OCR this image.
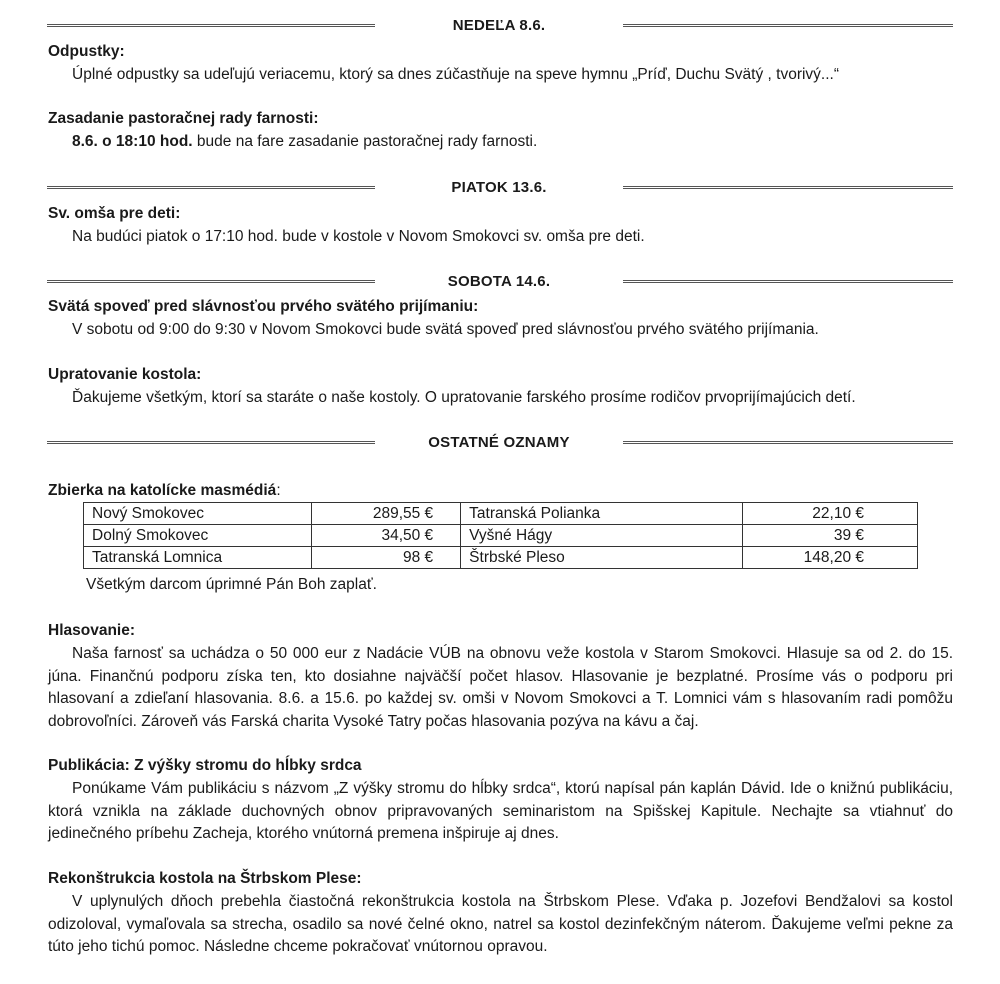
NEDEĽA 8.6.
Odpustky:
Úplné odpustky sa udeľujú veriacemu, ktorý sa dnes zúčastňuje na speve hymnu „Príď, Duchu Svätý , tvorivý...“
Zasadanie pastoračnej rady farnosti:
8.6. o 18:10 hod. bude na fare zasadanie pastoračnej rady farnosti.
PIATOK 13.6.
Sv. omša pre deti:
Na budúci piatok o 17:10 hod. bude v kostole v Novom Smokovci sv. omša pre deti.
SOBOTA 14.6.
Svätá spoveď pred slávnosťou prvého svätého prijímaniu:
V sobotu od 9:00 do 9:30 v Novom Smokovci bude svätá spoveď pred slávnosťou prvého svätého prijímania.
Upratovanie kostola:
Ďakujeme všetkým, ktorí sa staráte o naše kostoly. O upratovanie farského prosíme rodičov prvoprijímajúcich detí.
OSTATNÉ OZNAMY
Zbierka na katolícke masmédiá:
Nový Smokovec	289,55 €	Tatranská Polianka	22,10 €
Dolný Smokovec	34,50 €	Vyšné Hágy	39 €
Tatranská Lomnica	98 €	Štrbské Pleso	148,20 €
Všetkým darcom úprimné Pán Boh zaplať.
Hlasovanie:
Naša farnosť sa uchádza o 50 000 eur z Nadácie VÚB na obnovu veže kostola v Starom Smokovci. Hlasuje sa od 2. do 15. júna. Finančnú podporu získa ten, kto dosiahne najväčší počet hlasov. Hlasovanie je bezplatné. Prosíme vás o podporu pri hlasovaní a zdieľaní hlasovania. 8.6. a 15.6. po každej sv. omši v Novom Smokovci a T. Lomnici vám s hlasovaním radi pomôžu dobrovoľníci. Zároveň vás Farská charita Vysoké Tatry počas hlasovania pozýva na kávu a čaj.
Publikácia: Z výšky stromu do hĺbky srdca
Ponúkame Vám publikáciu s názvom „Z výšky stromu do hĺbky srdca“, ktorú napísal pán kaplán Dávid. Ide o knižnú publikáciu, ktorá vznikla na základe duchovných obnov pripravovaných seminaristom na Spišskej Kapitule. Nechajte sa vtiahnuť do jedinečného príbehu Zacheja, ktorého vnútorná premena inšpiruje aj dnes.
Rekonštrukcia kostola na Štrbskom Plese:
V uplynulých dňoch prebehla čiastočná rekonštrukcia kostola na Štrbskom Plese. Vďaka p. Jozefovi Bendžalovi sa kostol odizoloval, vymaľovala sa strecha, osadilo sa nové čelné okno, natrel sa kostol dezinfekčným náterom. Ďakujeme veľmi pekne za túto jeho tichú pomoc. Následne chceme pokračovať vnútornou opravou.
